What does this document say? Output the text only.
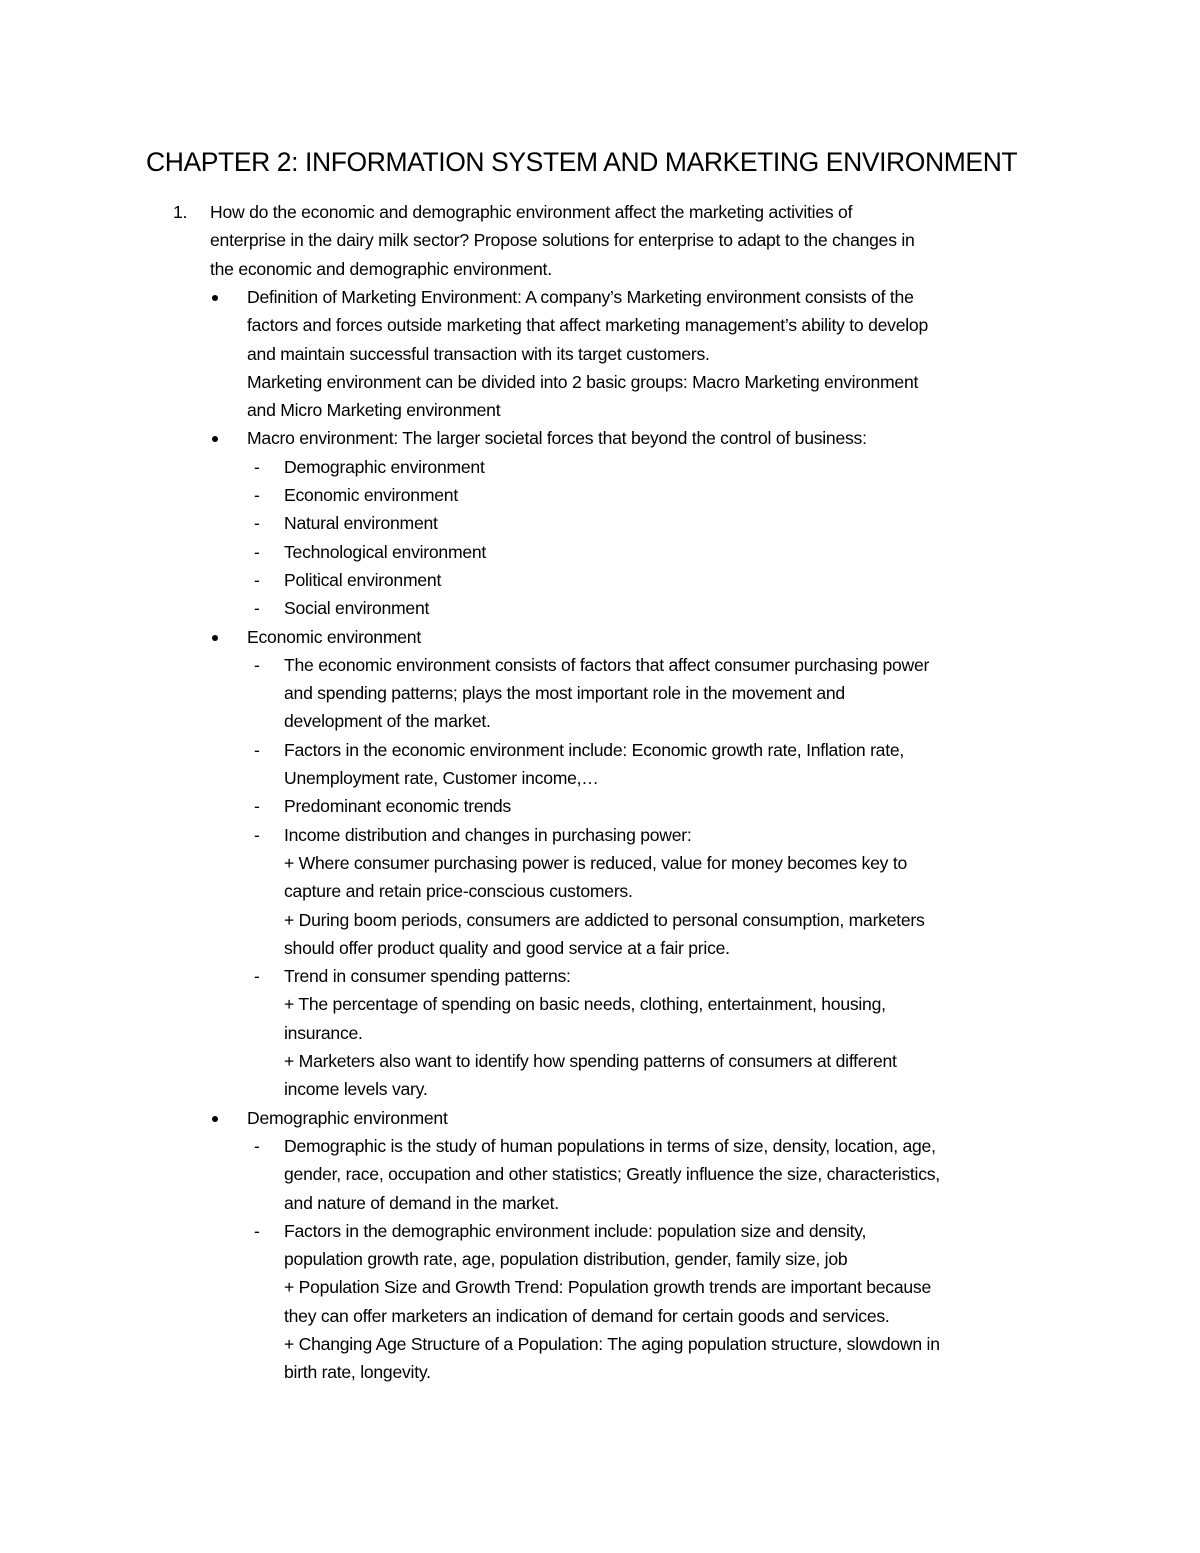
CHAPTER 2: INFORMATION SYSTEM AND MARKETING ENVIRONMENT
1.	How do the economic and demographic environment affect the marketing activities of
enterprise in the dairy milk sector? Propose solutions for enterprise to adapt to the changes in
the economic and demographic environment.
Definition of Marketing Environment: A company’s Marketing environment consists of the
factors and forces outside marketing that affect marketing management’s ability to develop
and maintain successful transaction with its target customers.
Marketing environment can be divided into 2 basic groups: Macro Marketing environment
and Micro Marketing environment
Macro environment: The larger societal forces that beyond the control of business:
- Demographic environment
- Economic environment
- Natural environment
- Technological environment
- Political environment
- Social environment
Economic environment
- The economic environment consists of factors that affect consumer purchasing power
and spending patterns; plays the most important role in the movement and
development of the market.
- Factors in the economic environment include: Economic growth rate, Inflation rate,
Unemployment rate, Customer income,…
- Predominant economic trends
- Income distribution and changes in purchasing power:
+ Where consumer purchasing power is reduced, value for money becomes key to
capture and retain price-conscious customers.
+ During boom periods, consumers are addicted to personal consumption, marketers
should offer product quality and good service at a fair price.
- Trend in consumer spending patterns:
+ The percentage of spending on basic needs, clothing, entertainment, housing,
insurance.
+ Marketers also want to identify how spending patterns of consumers at different
income levels vary.
Demographic environment
- Demographic is the study of human populations in terms of size, density, location, age,
gender, race, occupation and other statistics; Greatly influence the size, characteristics,
and nature of demand in the market.
- Factors in the demographic environment include: population size and density,
population growth rate, age, population distribution, gender, family size, job
+ Population Size and Growth Trend: Population growth trends are important because
they can offer marketers an indication of demand for certain goods and services.
+ Changing Age Structure of a Population: The aging population structure, slowdown in
birth rate, longevity.
